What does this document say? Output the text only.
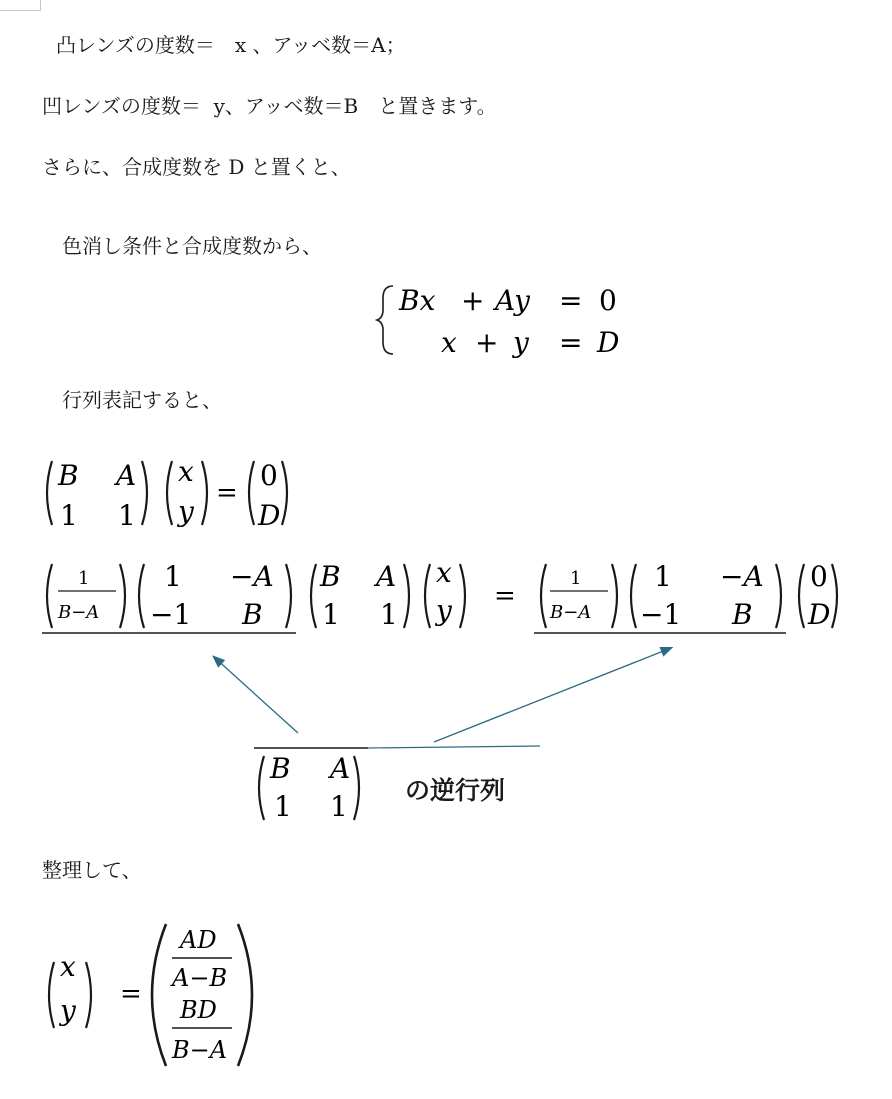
凸レンズの度数＝　x 、アッベ数＝A；
凹レンズの度数＝  y、アッベ数＝B　と置きます。
さらに、合成度数を D と置くと、
色消し条件と合成度数から、
行列表記すると、
整理して、
Bx + Ay = 0
x + y = D
B A
1 1
x
y
=
0
D
1
B−A
1 −A
−1 B
B A
1 1
x
y =
1
B−A
1 −A
−1 B
0
D
B A
1 1 の逆行列
x
y =
AD
A−B
BD
B−A
